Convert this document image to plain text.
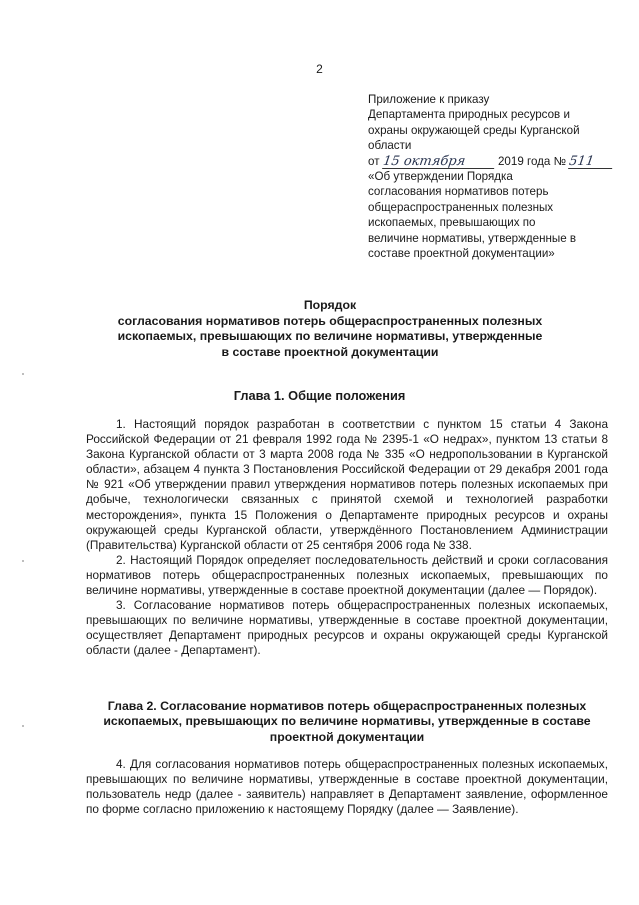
2
Приложение к приказу
Департамента природных ресурсов и
охраны окружающей среды Курганской
области
от 15 октября	2019 года № 511
«Об утверждении Порядка
согласования нормативов потерь
общераспространенных полезных
ископаемых, превышающих по
величине нормативы, утвержденные в
составе проектной документации»
Порядок
согласования нормативов потерь общераспространенных полезных
ископаемых, превышающих по величине нормативы, утвержденные
в составе проектной документации
Глава 1. Общие положения

1. Настоящий порядок разработан в соответствии с пунктом 15 статьи 4 Закона Российской Федерации от 21 февраля 1992 года № 2395-1 «О недрах», пунктом 13 статьи 8 Закона Курганской области от 3 марта 2008 года № 335 «О недропользовании в Курганской области», абзацем 4 пункта 3 Постановления Российской Федерации от 29 декабря 2001 года № 921 «Об утверждении правил утверждения нормативов потерь полезных ископаемых при добыче, технологически связанных с принятой схемой и технологией разработки месторождения», пункта 15 Положения о Департаменте природных ресурсов и охраны окружающей среды Курганской области, утверждённого Постановлением Администрации (Правительства) Курганской области от 25 сентября 2006 года № 338.

2. Настоящий Порядок определяет последовательность действий и сроки согласования нормативов потерь общераспространенных полезных ископаемых, превышающих по величине нормативы, утвержденные в составе проектной документации (далее — Порядок).

3. Согласование нормативов потерь общераспространенных полезных ископаемых, превышающих по величине нормативы, утвержденные в составе проектной документации, осуществляет Департамент природных ресурсов и охраны окружающей среды Курганской области (далее - Департамент).

Глава 2. Согласование нормативов потерь общераспространенных полезных
ископаемых, превышающих по величине нормативы, утвержденные в составе
проектной документации

4. Для согласования нормативов потерь общераспространенных полезных ископаемых, превышающих по величине нормативы, утвержденные в составе проектной документации, пользователь недр (далее - заявитель) направляет в Департамент заявление, оформленное по форме согласно приложению к настоящему Порядку (далее — Заявление).
